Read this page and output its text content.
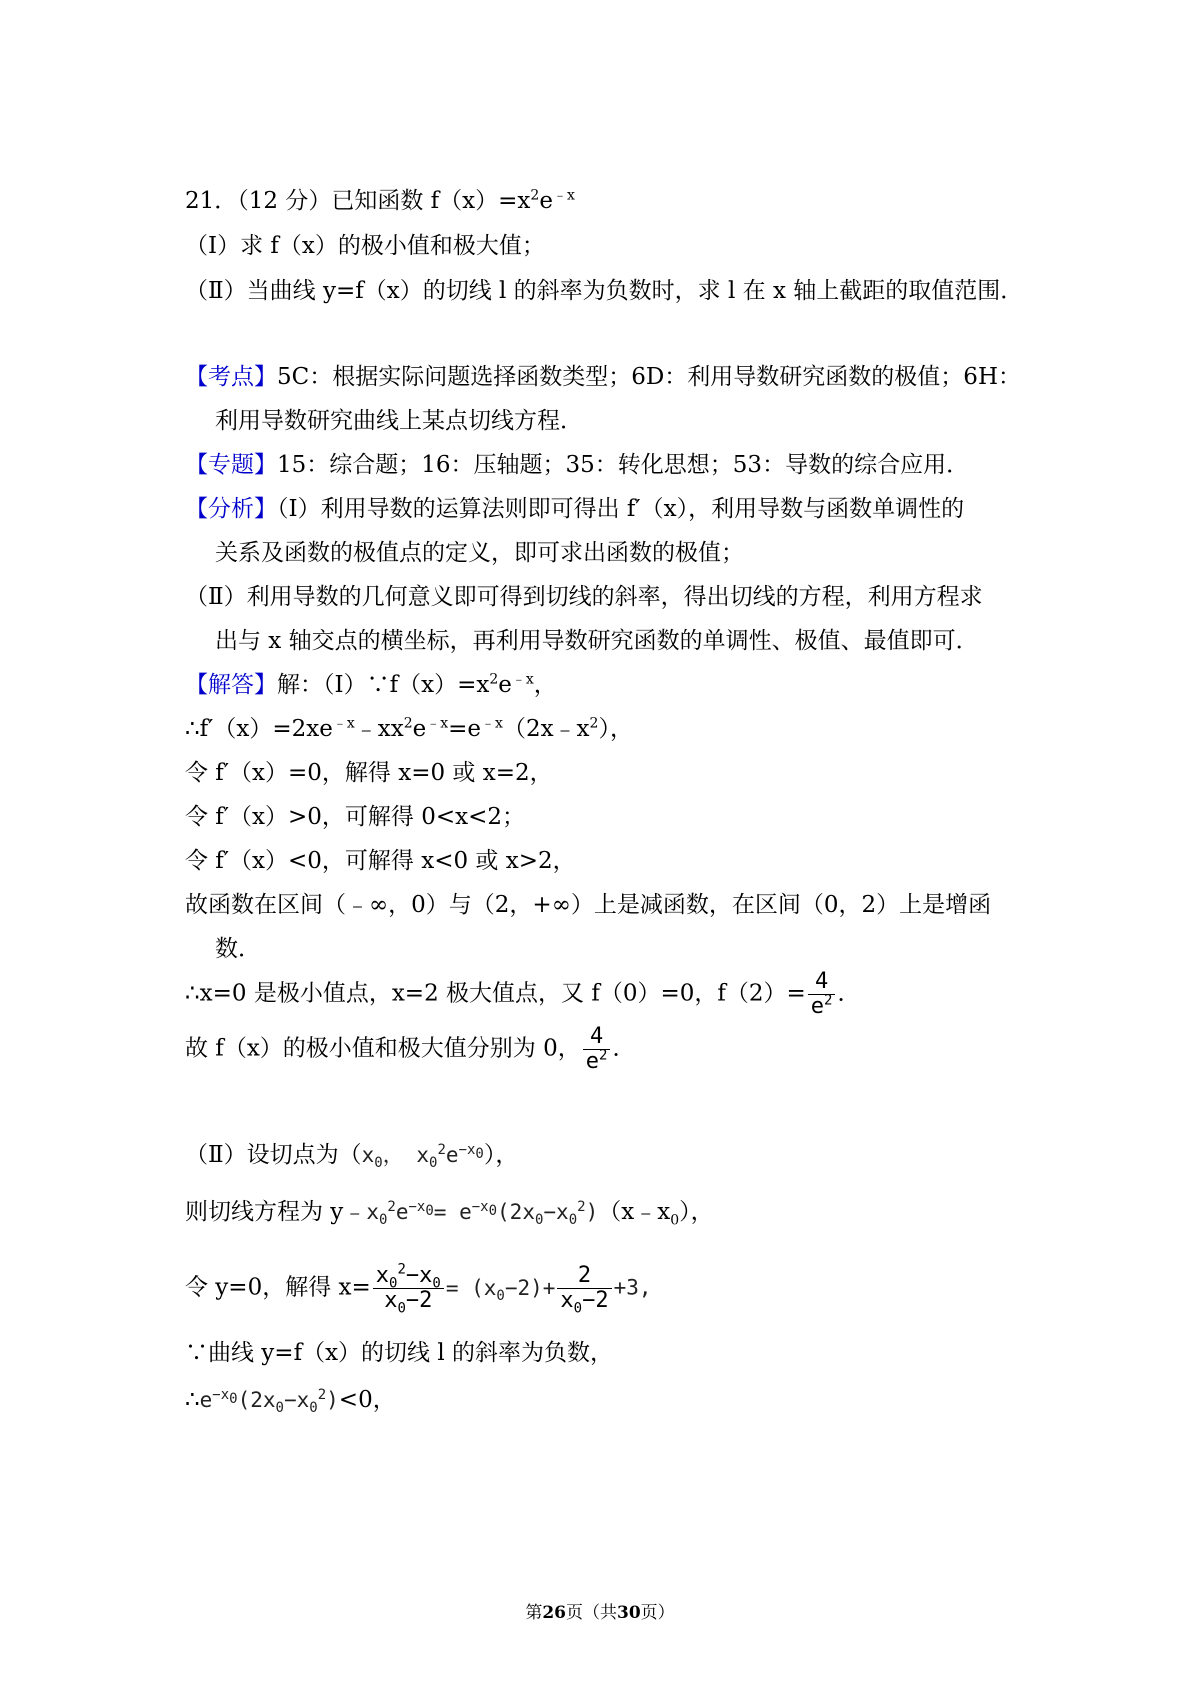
21．（12 分）已知函数 $f(x)=x^2e^{﹣x}$
（Ⅰ）求 f（x）的极小值和极大值；
（Ⅱ）当曲线 y=f（x）的切线 l 的斜率为负数时，求 l 在 x 轴上截距的取值范围．
【考点】5C：根据实际问题选择函数类型；6D：利用导数研究函数的极值；6H：
利用导数研究曲线上某点切线方程．
【专题】15：综合题；16：压轴题；35：转化思想；53：导数的综合应用．
【分析】（Ⅰ）利用导数的运算法则即可得出 f′（x），利用导数与函数单调性的
关系及函数的极值点的定义，即可求出函数的极值；
（Ⅱ）利用导数的几何意义即可得到切线的斜率，得出切线的方程，利用方程求
出与 x 轴交点的横坐标，再利用导数研究函数的单调性、极值、最值即可．
【解答】解：$(Ⅰ)\because f(x)=x^2e^{﹣x}$，
$\therefore f'(x)=2xe^{﹣x}﹣xx^2e^{﹣x}=e^{﹣x}(2x﹣x^2)$，
令 f′（x）=0，解得 x=0 或 x=2，
令 f′（x）>0，可解得 0<x<2；
令 f′（x）<0，可解得 x<0 或 x>2，
故函数在区间（﹣∞，0）与（2，+∞）上是减函数，在区间（0，2）上是增函
数．
∴x=0 是极小值点，x=2 极大值点，又 f（0）=0，$f(2)= \frac{4}{e^2}$ ．
故 f（x）的极小值和极大值分别为 0， $\frac{4}{e^2}$ ．
（Ⅱ）设切点为（$x_0$， $x_0^2e^{-x_0}$），
则切线方程为 $y﹣x_0^2e^{-x_0}=$ $e^{-x_0}(2x_0-x_0^2)(x﹣x_0)$，
令 y=0，解得 $x= \frac{x_0^2-x_0}{x_0-2} = (x_0-2)+ \frac{2}{x_0-2} +3$,
∵曲线 y=f（x）的切线 l 的斜率为负数，
$\therefore e^{-x_0}(2x_0-x_0^2)<0$，
第26页（共30页）
